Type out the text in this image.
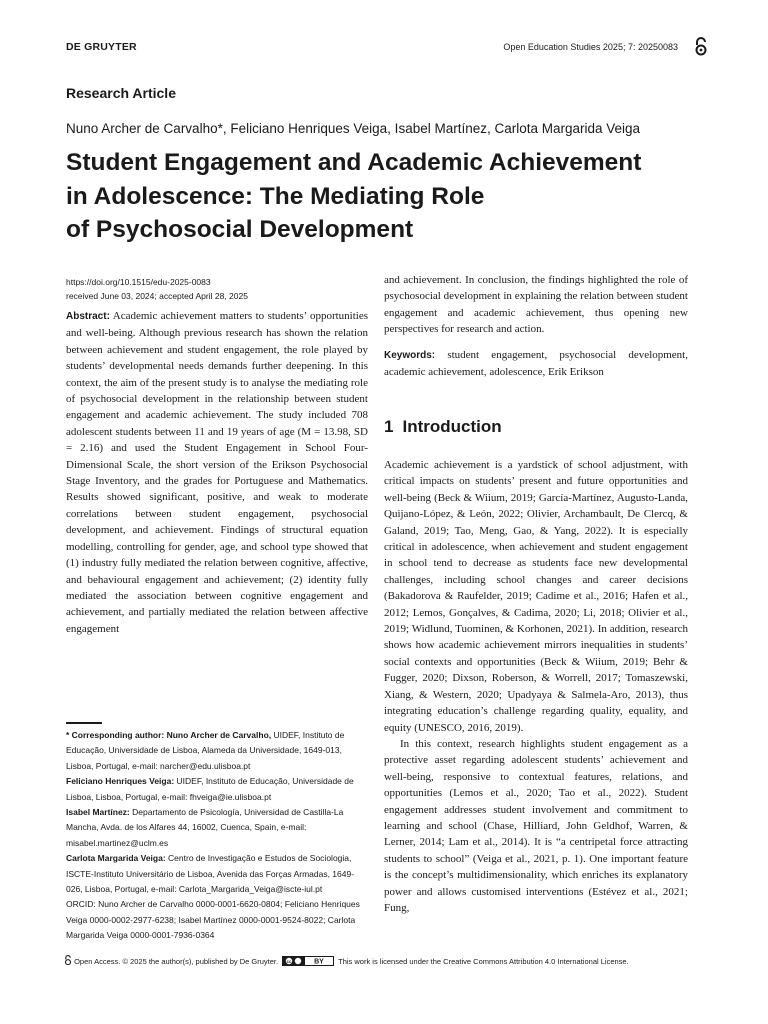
DE GRUYTER	Open Education Studies 2025; 7: 20250083
Research Article
Nuno Archer de Carvalho*, Feliciano Henriques Veiga, Isabel Martínez, Carlota Margarida Veiga
Student Engagement and Academic Achievement
in Adolescence: The Mediating Role
of Psychosocial Development
https://doi.org/10.1515/edu-2025-0083
received June 03, 2024; accepted April 28, 2025

Abstract: Academic achievement matters to students’ opportunities and well-being. Although previous research has shown the relation between achievement and student engagement, the role played by students’ developmental needs demands further deepening. In this context, the aim of the present study is to analyse the mediating role of psychosocial development in the relationship between student engagement and academic achievement. The study included 708 adolescent students between 11 and 19 years of age (M = 13.98, SD = 2.16) and used the Student Engagement in School Four-Dimensional Scale, the short version of the Erikson Psychosocial Stage Inventory, and the grades for Portuguese and Mathematics. Results showed significant, positive, and weak to moderate correlations between student engagement, psychosocial development, and achievement. Findings of structural equation modelling, controlling for gender, age, and school type showed that (1) industry fully mediated the relation between cognitive, affective, and behavioural engagement and achievement; (2) identity fully mediated the association between cognitive engagement and achievement, and partially mediated the relation between affective engagement

and achievement. In conclusion, the findings highlighted the role of psychosocial development in explaining the relation between student engagement and academic achievement, thus opening new perspectives for research and action.

Keywords: student engagement, psychosocial development, academic achievement, adolescence, Erik Erikson

1 Introduction

Academic achievement is a yardstick of school adjustment, with critical impacts on students’ present and future opportunities and well-being (Beck & Wiium, 2019; García-Martínez, Augusto-Landa, Quijano-López, & León, 2022; Olivier, Archambault, De Clercq, & Galand, 2019; Tao, Meng, Gao, & Yang, 2022). It is especially critical in adolescence, when achievement and student engagement in school tend to decrease as students face new developmental challenges, including school changes and career decisions (Bakadorova & Raufelder, 2019; Cadime et al., 2016; Hafen et al., 2012; Lemos, Gonçalves, & Cadima, 2020; Li, 2018; Olivier et al., 2019; Widlund, Tuominen, & Korhonen, 2021). In addition, research shows how academic achievement mirrors inequalities in students’ social contexts and opportunities (Beck & Wiium, 2019; Behr & Fugger, 2020; Dixson, Roberson, & Worrell, 2017; Tomaszewski, Xiang, & Western, 2020; Upadyaya & Salmela-Aro, 2013), thus integrating education’s challenge regarding quality, equality, and equity (UNESCO, 2016, 2019).

In this context, research highlights student engagement as a protective asset regarding adolescent students’ achievement and well-being, responsive to contextual features, relations, and opportunities (Lemos et al., 2020; Tao et al., 2022). Student engagement addresses student involvement and commitment to learning and school (Chase, Hilliard, John Geldhof, Warren, & Lerner, 2014; Lam et al., 2014). It is “a centripetal force attracting students to school” (Veiga et al., 2021, p. 1). One important feature is the concept’s multidimensionality, which enriches its explanatory power and allows customised interventions (Estévez et al., 2021; Fung,

* Corresponding author: Nuno Archer de Carvalho, UIDEF, Instituto de Educação, Universidade de Lisboa, Alameda da Universidade, 1649-013, Lisboa, Portugal, e-mail: narcher@edu.ulisboa.pt

Feliciano Henriques Veiga: UIDEF, Instituto de Educação, Universidade de Lisboa, Lisboa, Portugal, e-mail: fhveiga@ie.ulisboa.pt

Isabel Martínez: Departamento de Psicología, Universidad de Castilla-La Mancha, Avda. de los Alfares 44, 16002, Cuenca, Spain, e-mail: misabel.martinez@uclm.es

Carlota Margarida Veiga: Centro de Investigação e Estudos de Sociologia, ISCTE-Instituto Universitário de Lisboa, Avenida das Forças Armadas, 1649-026, Lisboa, Portugal, e-mail: Carlota_Margarida_Veiga@iscte-iul.pt

ORCID: Nuno Archer de Carvalho 0000-0001-6620-0804; Feliciano Henriques Veiga 0000-0002-2977-6238; Isabel Martínez 0000-0001-9524-8022; Carlota Margarida Veiga 0000-0001-7936-0364

Open Access. © 2025 the author(s), published by De Gruyter. cc	BY This work is licensed under the Creative Commons Attribution 4.0 International License.
